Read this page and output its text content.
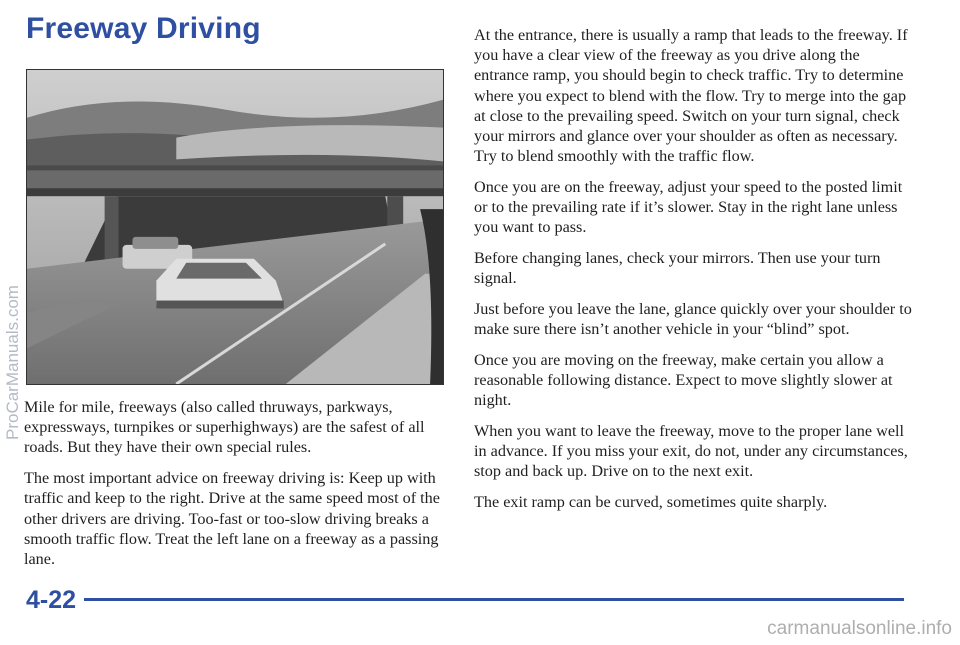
Freeway Driving

Mile for mile, freeways (also called thruways, parkways, expressways, turnpikes or superhighways) are the safest of all roads. But they have their own special rules.

The most important advice on freeway driving is: Keep up with traffic and keep to the right. Drive at the same speed most of the other drivers are driving. Too-fast or too-slow driving breaks a smooth traffic flow. Treat the left lane on a freeway as a passing lane.

At the entrance, there is usually a ramp that leads to the freeway. If you have a clear view of the freeway as you drive along the entrance ramp, you should begin to check traffic. Try to determine where you expect to blend with the flow. Try to merge into the gap at close to the prevailing speed. Switch on your turn signal, check your mirrors and glance over your shoulder as often as necessary. Try to blend smoothly with the traffic flow.

Once you are on the freeway, adjust your speed to the posted limit or to the prevailing rate if it’s slower. Stay in the right lane unless you want to pass.

Before changing lanes, check your mirrors. Then use your turn signal.

Just before you leave the lane, glance quickly over your shoulder to make sure there isn’t another vehicle in your “blind” spot.

Once you are moving on the freeway, make certain you allow a reasonable following distance. Expect to move slightly slower at night.

When you want to leave the freeway, move to the proper lane well in advance. If you miss your exit, do not, under any circumstances, stop and back up. Drive on to the next exit.

The exit ramp can be curved, sometimes quite sharply.

4-22
ProCarManuals.com
carmanualsonline.info
